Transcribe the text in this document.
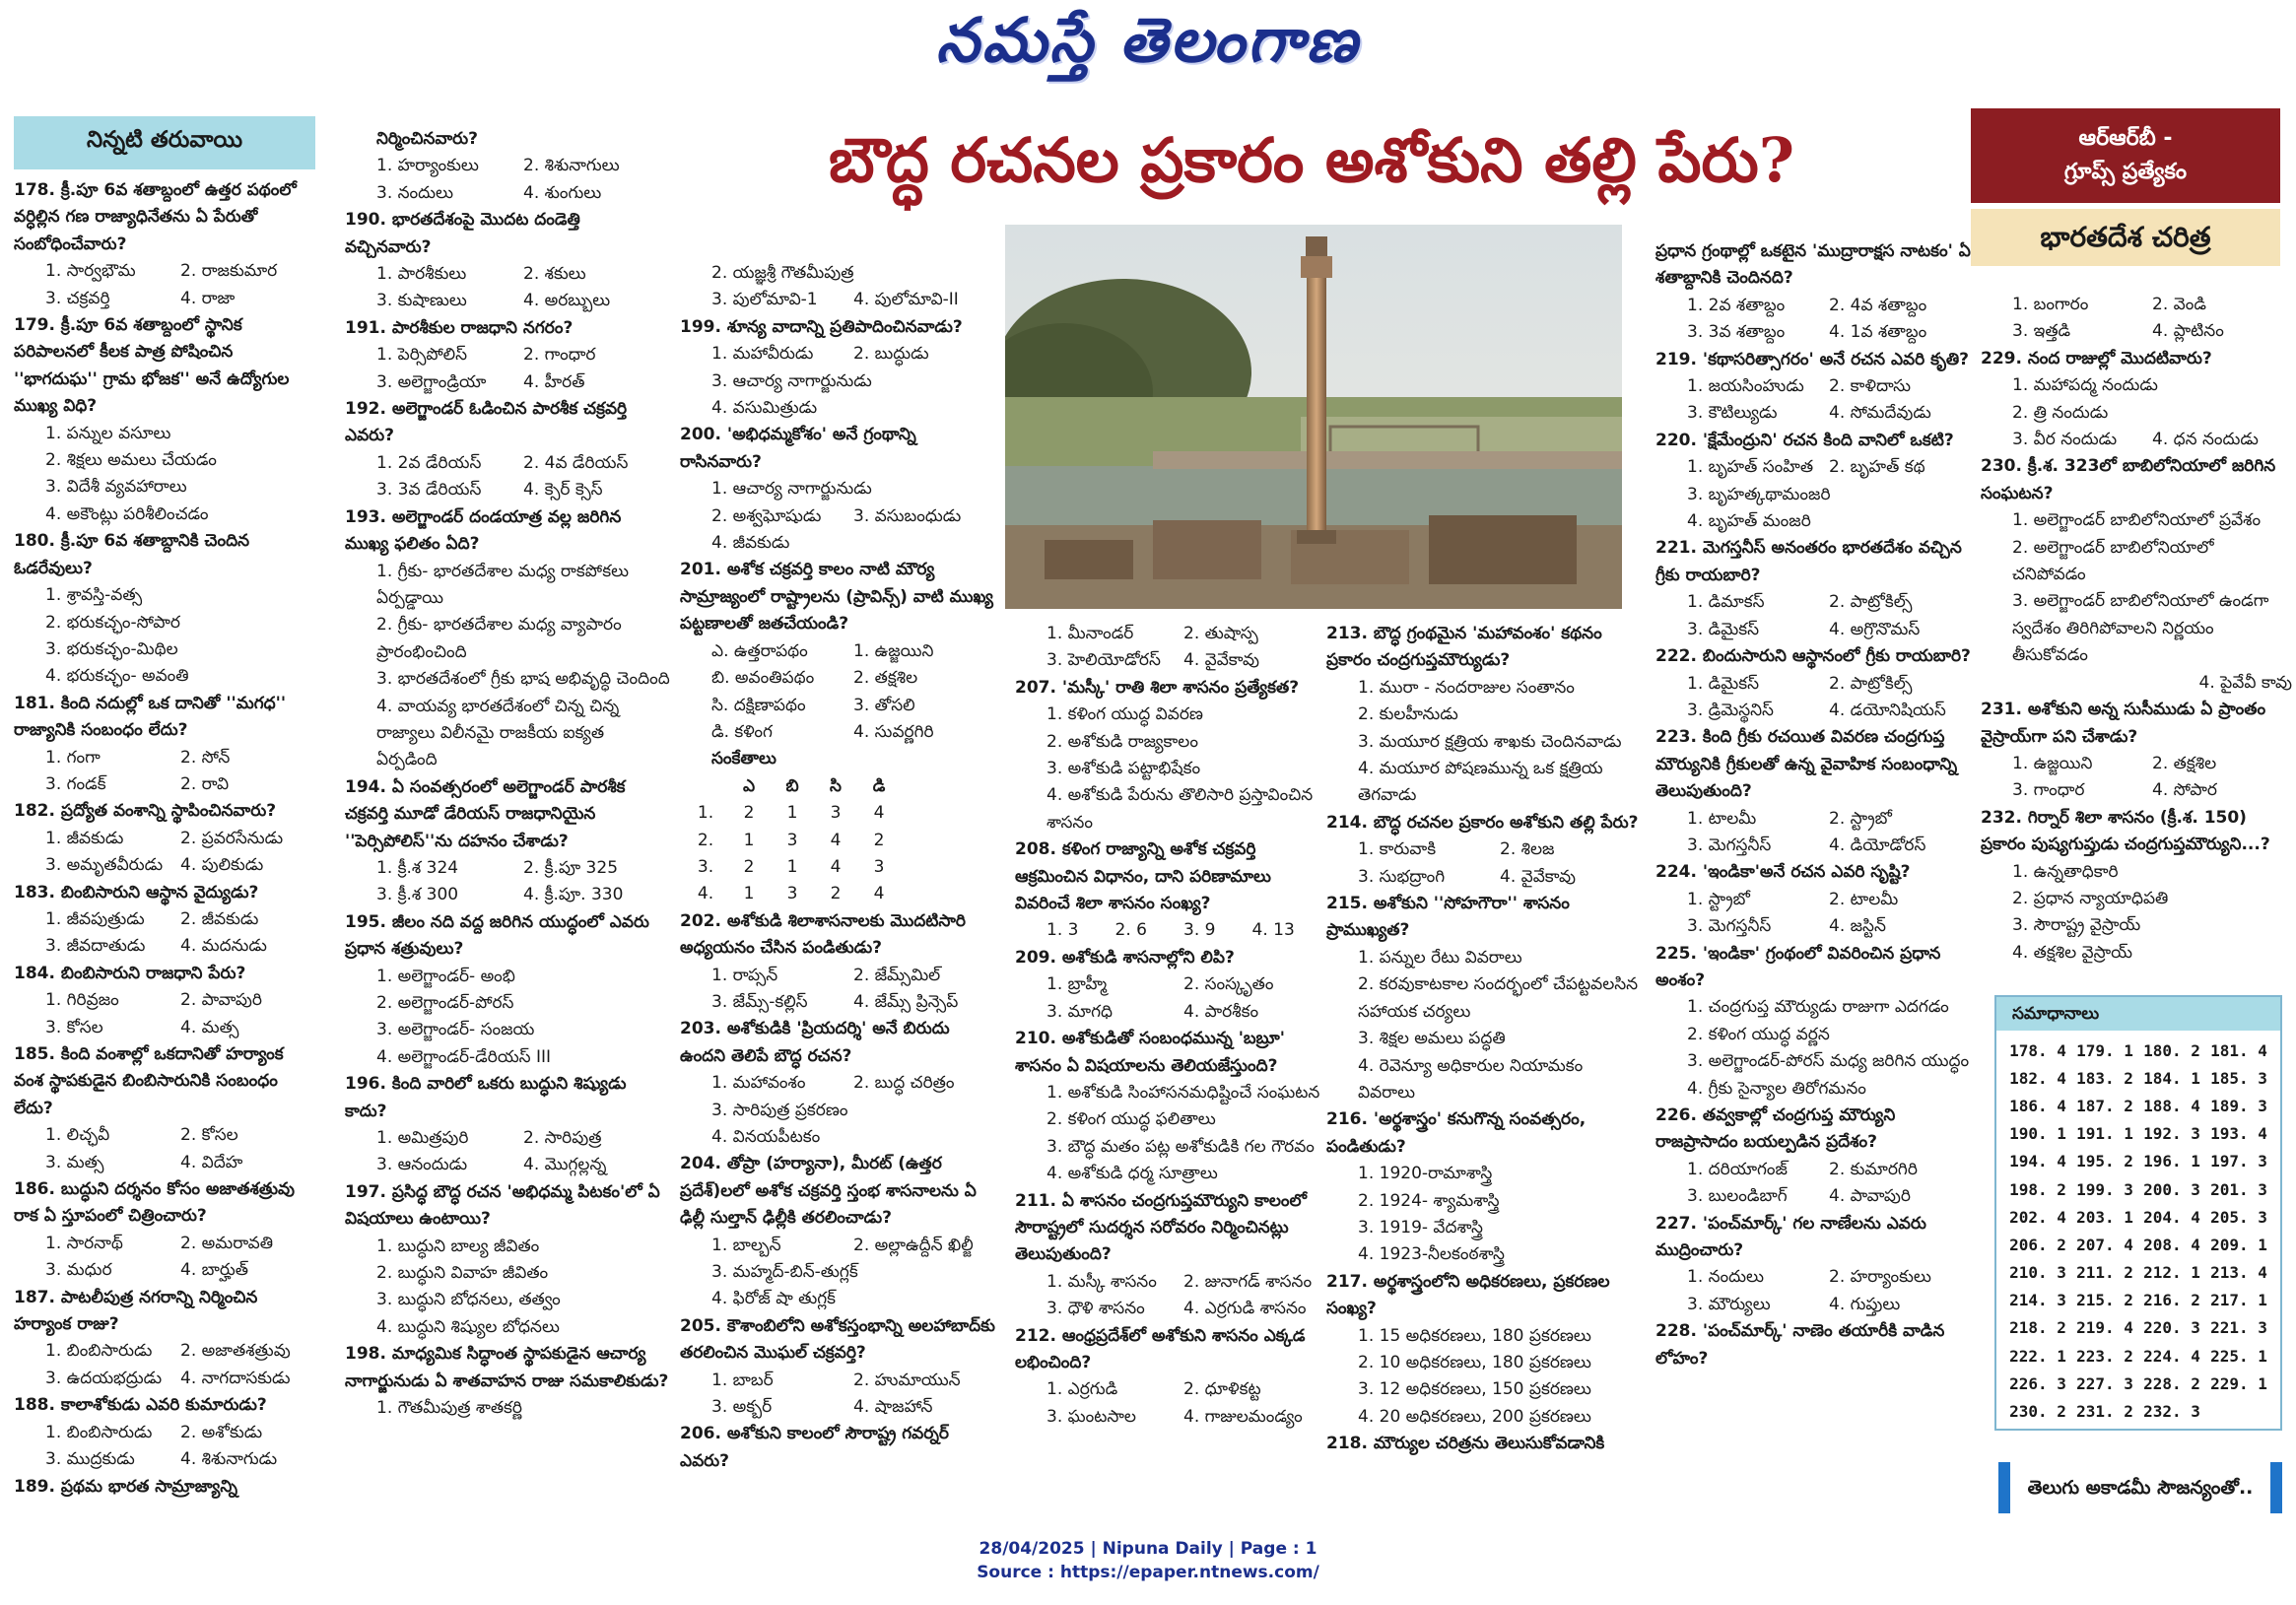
నమస్తే తెలంగాణ
నిన్నటి తరువాయి	బౌద్ధ రచనల ప్రకారం అశోకుని తల్లి పేరు?	ఆర్ఆర్‌బీ -
గ్రూప్స్ ప్రత్యేకం
భారతదేశ చరిత్ర
178. క్రీ.పూ 6వ శతాబ్దంలో ఉత్తర పథంలో వర్ధిల్లిన గణ రాజ్యాధినేతను ఏ పేరుతో సంబోధించేవారు?
1. సార్వభౌమ	2. రాజకుమార
3. చక్రవర్తి	4. రాజా
179. క్రీ.పూ 6వ శతాబ్దంలో స్థానిక పరిపాలనలో కీలక పాత్ర పోషించిన ''భాగదుఘ'' గ్రామ భోజక'' అనే ఉద్యోగుల ముఖ్య విధి?
1. పన్నుల వసూలు
2. శిక్షలు అమలు చేయడం
3. విదేశీ వ్యవహారాలు
4. అకౌంట్లు పరిశీలించడం
180. క్రీ.పూ 6వ శతాబ్దానికి చెందిన ఓడరేవులు?
1. శ్రావస్తి-వత్స
2. భరుకచ్ఛం-సోపార
3. భరుకచ్ఛం-మిథిల
4. భరుకచ్ఛం- అవంతి
181. కింది నదుల్లో ఒక దానితో ''మగధ'' రాజ్యానికి సంబంధం లేదు?
1. గంగా	2. సోన్
3. గండక్	2. రావి
182. ప్రద్యోత వంశాన్ని స్థాపించినవారు?
1. జీవకుడు	2. ప్రవరసేనుడు
3. అమృతవీరుడు	4. పులికుడు
183. బింబిసారుని ఆస్థాన వైద్యుడు?
1. జీవపుత్రుడు	2. జీవకుడు
3. జీవదాతుడు	4. మదనుడు
184. బింబిసారుని రాజధాని పేరు?
1. గిరివ్రజం	2. పావాపురి
3. కోసల	4. మత్స
185. కింది వంశాల్లో ఒకదానితో హర్యాంక వంశ స్థాపకుడైన బింబిసారునికి సంబంధం లేదు?
1. లిచ్ఛవీ	2. కోసల
3. మత్స	4. విదేహ
186. బుద్ధుని దర్శనం కోసం అజాతశత్రువు రాక ఏ స్తూపంలో చిత్రించారు?
1. సారనాథ్	2. అమరావతి
3. మధుర	4. బార్హుత్
187. పాటలీపుత్ర నగరాన్ని నిర్మించిన హర్యాంక రాజు?
1. బింబిసారుడు	2. అజాతశత్రువు
3. ఉదయభద్రుడు	4. నాగదాసకుడు
188. కాలాశోకుడు ఎవరి కుమారుడు?
1. బింబిసారుడు	2. అశోకుడు
3. ముద్రకుడు	4. శిశునాగుడు
189. ప్రథమ భారత సామ్రాజ్యాన్ని
నిర్మించినవారు?
1. హర్యాంకులు	2. శిశునాగులు
3. నందులు	4. శుంగులు
190. భారతదేశంపై మొదట దండెత్తి వచ్చినవారు?
1. పారశీకులు	2. శకులు
3. కుషాణులు	4. అరబ్బులు
191. పారశీకుల రాజధాని నగరం?
1. పెర్సిపోలిస్	2. గాంధార
3. అలెగ్జాండ్రియా	4. హీరత్
192. అలెగ్జాండర్ ఓడించిన పారశీక చక్రవర్తి ఎవరు?
1. 2వ డేరియస్	2. 4వ డేరియస్
3. 3వ డేరియస్	4. క్సెర్ క్సెస్
193. అలెగ్జాండర్ దండయాత్ర వల్ల జరిగిన ముఖ్య ఫలితం ఏది?
1. గ్రీకు- భారతదేశాల మధ్య రాకపోకలు ఏర్పడ్డాయి
2. గ్రీకు- భారతదేశాల మధ్య వ్యాపారం ప్రారంభించింది
3. భారతదేశంలో గ్రీకు భాష అభివృద్ధి చెందింది
4. వాయవ్య భారతదేశంలో చిన్న చిన్న రాజ్యాలు విలీనమై రాజకీయ ఐక్యత ఏర్పడింది
194. ఏ సంవత్సరంలో అలెగ్జాండర్ పారశీక చక్రవర్తి మూడో డేరియస్ రాజధానియైన ''పెర్సిపోలిస్''ను దహనం చేశాడు?
1. క్రీ.శ 324	2. క్రీ.పూ 325
3. క్రీ.శ 300	4. క్రీ.పూ. 330
195. జీలం నది వద్ద జరిగిన యుద్ధంలో ఎవరు ప్రధాన శత్రువులు?
1. అలెగ్జాండర్- అంభి
2. అలెగ్జాండర్-పోరస్
3. అలెగ్జాండర్- సంజయ
4. అలెగ్జాండర్-డేరియస్ III
196. కింది వారిలో ఒకరు బుద్ధుని శిష్యుడు కాదు?
1. అమిత్రపురి	2. సారిపుత్ర
3. ఆనందుడు	4. మొగ్గల్లన్న
197. ప్రసిద్ధ బౌద్ధ రచన 'అభిధమ్మ పిటకం'లో ఏ విషయాలు ఉంటాయి?
1. బుద్ధుని బాల్య జీవితం
2. బుద్ధుని వివాహ జీవితం
3. బుద్ధుని బోధనలు, తత్వం
4. బుద్ధుని శిష్యుల బోధనలు
198. మాధ్యమిక సిద్ధాంత స్థాపకుడైన ఆచార్య నాగార్జునుడు ఏ శాతవాహన రాజు సమకాలికుడు?
1. గౌతమీపుత్ర శాతకర్ణి
2. యజ్ఞశ్రీ గౌతమీపుత్ర
3. పులోమావి-1	4. పులోమావి-II
199. శూన్య వాదాన్ని ప్రతిపాదించినవాడు?
1. మహావీరుడు	2. బుద్ధుడు
3. ఆచార్య నాగార్జునుడు
4. వసుమిత్రుడు
200. 'అభిధమ్మకోశం' అనే గ్రంథాన్ని రాసినవారు?
1. ఆచార్య నాగార్జునుడు
2. అశ్వఘోషుడు	3. వసుబంధుడు
4. జీవకుడు
201. అశోక చక్రవర్తి కాలం నాటి మౌర్య సామ్రాజ్యంలో రాష్ట్రాలను (ప్రావిన్స్) వాటి ముఖ్య పట్టణాలతో జతచేయండి?
ఎ. ఉత్తరాపథం	1. ఉజ్జయిని
బి. అవంతిపథం	2. తక్షశిల
సి. దక్షిణాపథం	3. తోసలి
డి. కళింగ	4. సువర్ణగిరి
సంకేతాలు
ఎ	బి	సి	డి
1.	2	1	3	4
2.	1	3	4	2
3.	2	1	4	3
4.	1	3	2	4
202. అశోకుడి శిలాశాసనాలకు మొదటిసారి అధ్యయనం చేసిన పండితుడు?
1. రాప్సన్	2. జేమ్స్‌మిల్
3. జేమ్స్-కల్లిస్	4. జేమ్స్ ప్రిన్సెప్
203. అశోకుడికి 'ప్రియదర్శి' అనే బిరుదు ఉందని తెలిపే బౌద్ధ రచన?
1. మహావంశం	2. బుద్ధ చరిత్రం
3. సారిపుత్ర ప్రకరణం
4. వినయపీటకం
204. తోప్రా (హర్యానా), మీరట్ (ఉత్తర ప్రదేశ్)లలో అశోక చక్రవర్తి స్తంభ శాసనాలను ఏ ఢిల్లీ సుల్తాన్ ఢిల్లీకి తరలించాడు?
1. బాల్బన్	2. అల్లాఉద్దీన్ ఖిల్జీ
3. మహ్మద్-బిన్-తుగ్లక్
4. ఫిరోజ్ షా తుగ్లక్
205. కౌశాంబిలోని అశోకస్తంభాన్ని అలహాబాద్‌కు తరలించిన మొఘల్ చక్రవర్తి?
1. బాబర్	2. హుమాయున్
3. అక్బర్	4. షాజహాన్
206. అశోకుని కాలంలో సౌరాష్ట్ర గవర్నర్ ఎవరు?
1. మీనాండర్	2. తుషాస్ప
3. హెలియోడోరస్	4. వైవేకావు
207. 'మస్కీ' రాతి శిలా శాసనం ప్రత్యేకత?
1. కళింగ యుద్ధ వివరణ
2. అశోకుడి రాజ్యకాలం
3. అశోకుడి పట్టాభిషేకం
4. అశోకుడి పేరును తొలిసారి ప్రస్తావించిన శాసనం
208. కళింగ రాజ్యాన్ని అశోక చక్రవర్తి ఆక్రమించిన విధానం, దాని పరిణామాలు వివరించే శిలా శాసనం సంఖ్య?
1. 3	2. 6	3. 9	4. 13
209. అశోకుడి శాసనాల్లోని లిపి?
1. బ్రాహ్మీ	2. సంస్కృతం
3. మాగధి	4. పారశీకం
210. అశోకుడితో సంబంధమున్న 'బబ్రూ' శాసనం ఏ విషయాలను తెలియజేస్తుంది?
1. అశోకుడి సింహాసనమధిష్టించే సంఘటన
2. కళింగ యుద్ధ ఫలితాలు
3. బౌద్ధ మతం పట్ల అశోకుడికి గల గౌరవం
4. అశోకుడి ధర్మ సూత్రాలు
211. ఏ శాసనం చంద్రగుప్తమౌర్యుని కాలంలో సౌరాష్ట్రలో సుదర్శన సరోవరం నిర్మించినట్లు తెలుపుతుంది?
1. మస్కీ శాసనం	2. జునాగడ్ శాసనం
3. ధౌళి శాసనం	4. ఎర్రగుడి శాసనం
212. ఆంధ్రప్రదేశ్‌లో అశోకుని శాసనం ఎక్కడ లభించింది?
1. ఎర్రగుడి	2. ధూళికట్ట
3. ఘంటసాల	4. గాజులమండ్యం
213. బౌద్ధ గ్రంథమైన 'మహావంశం' కథనం ప్రకారం చంద్రగుప్తమౌర్యుడు?
1. మురా - నందరాజుల సంతానం
2. కులహీనుడు
3. మయూర క్షత్రియ శాఖకు చెందినవాడు
4. మయూర పోషణమున్న ఒక క్షత్రియ తెగవాడు
214. బౌద్ధ రచనల ప్రకారం అశోకుని తల్లి పేరు?
1. కారువాకి	2. శిలజ
3. సుభద్రాంగి	4. వైవేకావు
215. అశోకుని ''సోహగౌరా'' శాసనం ప్రాముఖ్యత?
1. పన్నుల రేటు వివరాలు
2. కరవుకాటకాల సందర్భంలో చేపట్టవలసిన సహాయక చర్యలు
3. శిక్షల అమలు పద్ధతి
4. రెవెన్యూ అధికారుల నియామకం వివరాలు
216. 'అర్థశాస్త్రం' కనుగొన్న సంవత్సరం, పండితుడు?
1. 1920-రామాశాస్త్రి
2. 1924- శ్యామశాస్త్రి
3. 1919- వేదశాస్త్రి
4. 1923-నీలకంఠశాస్త్రి
217. అర్థశాస్త్రంలోని అధికరణలు, ప్రకరణల సంఖ్య?
1. 15 అధికరణలు, 180 ప్రకరణలు
2. 10 అధికరణలు, 180 ప్రకరణలు
3. 12 అధికరణలు, 150 ప్రకరణలు
4. 20 అధికరణలు, 200 ప్రకరణలు
218. మౌర్యుల చరిత్రను తెలుసుకోవడానికి
ప్రధాన గ్రంథాల్లో ఒకటైన 'ముద్రారాక్షస నాటకం' ఏ శతాబ్దానికి చెందినది?
1. 2వ శతాబ్దం	2. 4వ శతాబ్దం
3. 3వ శతాబ్దం	4. 1వ శతాబ్దం
219. 'కథాసరిత్సాగరం' అనే రచన ఎవరి కృతి?
1. జయసింహుడు	2. కాళిదాసు
3. కౌటిల్యుడు	4. సోమదేవుడు
220. 'క్షేమేంద్రుని' రచన కింది వానిలో ఒకటి?
1. బృహత్ సంహిత 2. బృహత్ కథ
3. బృహత్కథామంజరి
4. బృహత్ మంజరి
221. మెగస్తనీస్ అనంతరం భారతదేశం వచ్చిన గ్రీకు రాయబారి?
1. డిమాకస్	2. పాట్రోకిల్స్
3. డిమైకస్	4. అగ్రొనొమస్
222. బిందుసారుని ఆస్థానంలో గ్రీకు రాయబారి?
1. డిమైకస్	2. పాట్రోకిల్స్
3. డ్రిమెస్థనిస్	4. డయోనిషియస్
223. కింది గ్రీకు రచయిత వివరణ చంద్రగుప్త మౌర్యునికి గ్రీకులతో ఉన్న వైవాహిక సంబంధాన్ని తెలుపుతుంది?
1. టాలమీ	2. స్ట్రాబో
3. మెగస్తనీస్	4. డియోడోరస్
224. 'ఇండికా'అనే రచన ఎవరి సృష్టి?
1. స్ట్రాబో	2. టాలమీ
3. మెగస్తనీస్	4. జస్టిన్
225. 'ఇండికా' గ్రంథంలో వివరించిన ప్రధాన అంశం?
1. చంద్రగుప్త మౌర్యుడు రాజుగా ఎదగడం
2. కళింగ యుద్ధ వర్ణన
3. అలెగ్జాండర్-పోరస్ మధ్య జరిగిన యుద్ధం
4. గ్రీకు సైన్యాల తిరోగమనం
226. తవ్వకాల్లో చంద్రగుప్త మౌర్యుని రాజప్రాసాదం బయల్పడిన ప్రదేశం?
1. దరియాగంజ్	2. కుమారగిరి
3. బులండిబాగ్	4. పావాపురి
227. 'పంచ్‌మార్క్' గల నాణేలను ఎవరు ముద్రించారు?
1. నందులు	2. హర్యాంకులు
3. మౌర్యులు	4. గుప్తులు
228. 'పంచ్‌మార్క్' నాణెం తయారీకి వాడిన లోహం?
1. బంగారం	2. వెండి
3. ఇత్తడి	4. ప్లాటినం
229. నంద రాజుల్లో మొదటివారు?
1. మహాపద్మ నందుడు
2. త్రి నందుడు
3. వీర నందుడు	4. ధన నందుడు
230. క్రీ.శ. 323లో బాబిలోనియాలో జరిగిన సంఘటన?
1. అలెగ్జాండర్ బాబిలోనియాలో ప్రవేశం
2. అలెగ్జాండర్ బాబిలోనియాలో చనిపోవడం
3. అలెగ్జాండర్ బాబిలోనియాలో ఉండగా స్వదేశం తిరిగిపోవాలని నిర్ణయం తీసుకోవడం
4. పైవేవీ కావు
231. అశోకుని అన్న సుసీముడు ఏ ప్రాంతం వైస్రాయ్‌గా పని చేశాడు?
1. ఉజ్జయిని	2. తక్షశిల
3. గాంధార	4. సోపార
232. గిర్నార్ శిలా శాసనం (క్రీ.శ. 150) ప్రకారం పుష్యగుప్తుడు చంద్రగుప్తమౌర్యుని...?
1. ఉన్నతాధికారి
2. ప్రధాన న్యాయాధిపతి
3. సౌరాష్ట్ర వైస్రాయ్
4. తక్షశిల వైస్రాయ్
సమాధానాలు
178. 4 179. 1 180. 2 181. 4
182. 4 183. 2 184. 1 185. 3
186. 4 187. 2 188. 4 189. 3
190. 1 191. 1 192. 3 193. 4
194. 4 195. 2 196. 1 197. 3
198. 2 199. 3 200. 3 201. 3
202. 4 203. 1 204. 4 205. 3
206. 2 207. 4 208. 4 209. 1
210. 3 211. 2 212. 1 213. 4
214. 3 215. 2 216. 2 217. 1
218. 2 219. 4 220. 3 221. 3
222. 1 223. 2 224. 4 225. 1
226. 3 227. 3 228. 2 229. 1
230. 2 231. 2 232. 3
తెలుగు అకాడమీ సౌజన్యంతో..
28/04/2025 | Nipuna Daily | Page : 1
Source : https://epaper.ntnews.com/
